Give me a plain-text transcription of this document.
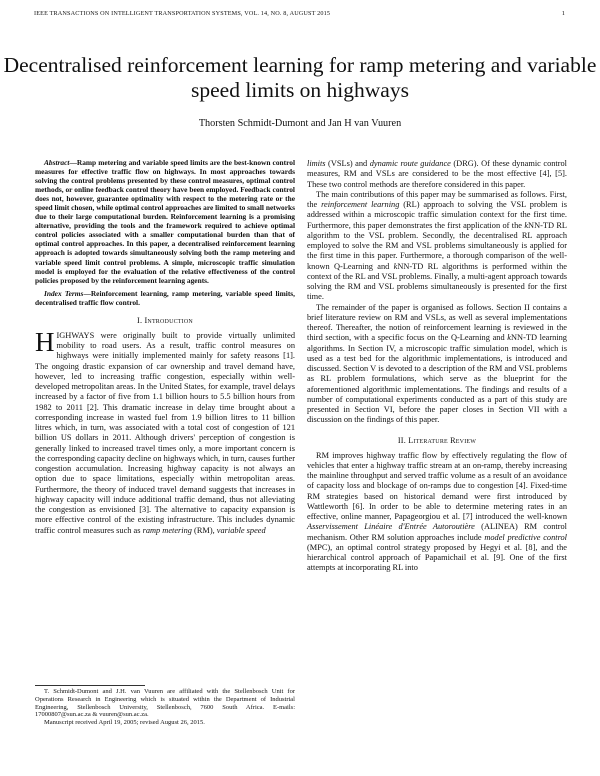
IEEE TRANSACTIONS ON INTELLIGENT TRANSPORTATION SYSTEMS, VOL. 14, NO. 8, AUGUST 2015	1
Decentralised reinforcement learning for ramp metering and variable speed limits on highways
Thorsten Schmidt-Dumont and Jan H van Vuuren

Abstract—Ramp metering and variable speed limits are the best-known control measures for effective traffic flow on highways. In most approaches towards solving the control problems presented by these control measures, optimal control methods, or online feedback control theory have been employed. Feedback control does not, however, guarantee optimality with respect to the metering rate or the speed limit chosen, while optimal control approaches are limited to small networks due to their large computational burden. Reinforcement learning is a promising alternative, providing the tools and the framework required to achieve optimal control policies associated with a smaller computational burden than that of optimal control approaches. In this paper, a decentralised reinforcement learning approach is adopted towards simultaneously solving both the ramp metering and variable speed limit control problems. A simple, microscopic traffic simulation model is employed for the evaluation of the relative effectiveness of the control policies proposed by the reinforcement learning agents.

Index Terms—Reinforcement learning, ramp metering, variable speed limits, decentralised traffic flow control.

I. Introduction

HIGHWAYS were originally built to provide virtually unlimited mobility to road users. As a result, traffic control measures on highways were initially implemented mainly for safety reasons [1]. The ongoing drastic expansion of car ownership and travel demand have, however, led to increasing traffic congestion, especially within well-developed metropolitan areas. In the United States, for example, travel delays increased by a factor of five from 1.1 billion hours to 5.5 billion hours from 1982 to 2011 [2]. This dramatic increase in delay time brought about a corresponding increase in wasted fuel from 1.9 billion litres to 11 billion litres which, in turn, was associated with a total cost of congestion of 121 billion US dollars in 2011. Although drivers' perception of congestion is generally linked to increased travel times only, a more important concern is the corresponding capacity decline on highways which, in turn, causes further congestion accumulation. Increasing highway capacity is not always an option due to space limitations, especially within metropolitan areas. Furthermore, the theory of induced travel demand suggests that increases in highway capacity will induce additional traffic demand, thus not alleviating the congestion as envisioned [3]. The alternative to capacity expansion is more effective control of the existing infrastructure. This includes dynamic traffic control measures such as ramp metering (RM), variable speed

T. Schmidt-Dumont and J.H. van Vuuren are affiliated with the Stellenbosch Unit for Operations Research in Engineering which is situated within the Department of Industrial Engineering, Stellenbosch University, Stellenbosch, 7600 South Africa. E-mails: 17000807@sun.ac.za & vuuren@sun.ac.za.

Manuscript received April 19, 2005; revised August 26, 2015.

limits (VSLs) and dynamic route guidance (DRG). Of these dynamic control measures, RM and VSLs are considered to be the most effective [4], [5]. These two control methods are therefore considered in this paper.

The main contributions of this paper may be summarised as follows. First, the reinforcement learning (RL) approach to solving the VSL problem is addressed within a microscopic traffic simulation context for the first time. Furthermore, this paper demonstrates the first application of the kNN-TD RL algorithm to the VSL problem. Secondly, the decentralised RL approach employed to solve the RM and VSL problems simultaneously is applied for the first time in this paper. Furthermore, a thorough comparison of the well-known Q-Learning and kNN-TD RL algorithms is performed within the context of the RL and VSL problems. Finally, a multi-agent approach towards solving the RM and VSL problems simultaneously is presented for the first time.

The remainder of the paper is organised as follows. Section II contains a brief literature review on RM and VSLs, as well as several implementations thereof. Thereafter, the notion of reinforcement learning is reviewed in the third section, with a specific focus on the Q-Learning and kNN-TD learning algorithms. In Section IV, a microscopic traffic simulation model, which is used as a test bed for the algorithmic implementations, is introduced and discussed. Section V is devoted to a description of the RM and VSL problems as RL problem formulations, which serve as the blueprint for the aforementioned algorithmic implementations. The findings and results of a number of computational experiments conducted as a part of this study are presented in Section VI, before the paper closes in Section VII with a discussion on the findings of this paper.

II. Literature Review

RM improves highway traffic flow by effectively regulating the flow of vehicles that enter a highway traffic stream at an on-ramp, thereby increasing the mainline throughput and served traffic volume as a result of an avoidance of capacity loss and blockage of on-ramps due to congestion [4]. Fixed-time RM strategies based on historical demand were first introduced by Wattleworth [6]. In order to be able to determine metering rates in an effective, online manner, Papageorgiou et al. [7] introduced the well-known Asservissement Linéaire d'Entrée Autoroutière (ALINEA) RM control mechanism. Other RM solution approaches include model predictive control (MPC), an optimal control strategy proposed by Hegyi et al. [8], and the hierarchical control approach of Papamichail et al. [9]. One of the first attempts at incorporating RL into
